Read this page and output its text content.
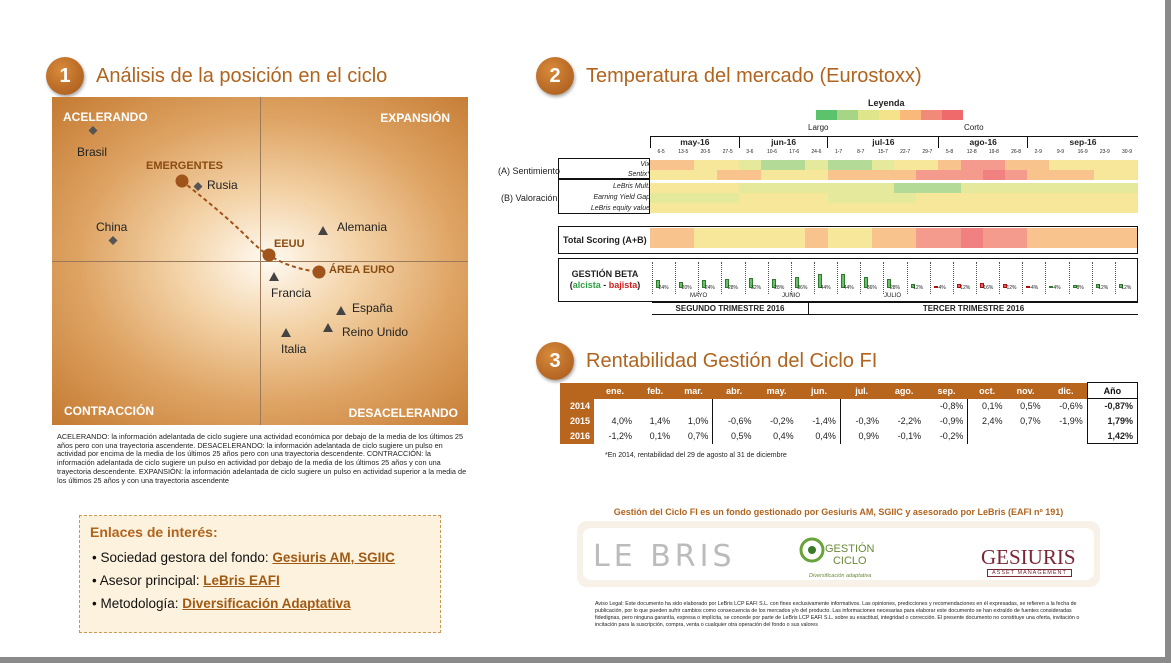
1	Análisis de la posición en el ciclo
ACELERANDO	EXPANSIÓN
CONTRACCIÓN	DESACELERANDO
Brasil
EMERGENTES
Rusia
China	Alemania
EEUU
ÁREA EURO
Francia
España
Reino Unido
Italia
ACELERANDO: la información adelantada de ciclo sugiere una actividad económica por debajo de la media de los últimos 25 años pero con una trayectoria ascendente. DESACELERANDO: la información adelantada de ciclo sugiere un pulso en actividad por encima de la media de los últimos 25 años pero con una trayectoria descendente. CONTRACCIÓN: la información adelantada de ciclo sugiere un pulso en actividad por debajo de la media de los últimos 25 años y con una trayectoria descendente. EXPANSIÓN: la información adelantada de ciclo sugiere un pulso en actividad superior a la media de los últimos 25 años y con una trayectoria ascendente
Enlaces de interés:
• Sociedad gestora del fondo: Gesiuris AM, SGIIC
• Asesor principal: LeBris EAFI
• Metodología: Diversificación Adaptativa
2	Temperatura del mercado (Eurostoxx)
Leyenda
Largo	Corto
may-16	jun-16	jul-16	ago-16	sep-16
6-5	13-5	20-5	27-5	3-6	10-6	17-6	24-6	1-7	8-7	15-7	22-7	29-7	5-8	12-8	19-8	26-8	2-9	9-9	16-9	23-9	30-9
(A) Sentimiento
(B) Valoración
Vix
Sentix*
LeBris Mult.
Earning Yield Gap
LeBris equity value
Total Scoring (A+B)
GESTIÓN BETA
(alcista - bajista)	24%	20%	24%	28%	32%	28%	36%	44%	44%	36%	28%	12%	-4%	-12%	-16%	-12%	-4%	4%	8%	12%	12%
MAYO	JUNIO	JULIO
SEGUNDO TRIMESTRE 2016	TERCER TRIMESTRE 2016
3	Rentabilidad Gestión del Ciclo FI
	ene.	feb.	mar.	abr.	may.	jun.	jul.	ago.	sep.	oct.	nov.	dic.	Año
2014									-0,8%	0,1%	0,5%	-0,6%	-0,87%
2015	4,0%	1,4%	1,0%	-0,6%	-0,2%	-1,4%	-0,3%	-2,2%	-0,9%	2,4%	0,7%	-1,9%	1,79%
2016	-1,2%	0,1%	0,7%	0,5%	0,4%	0,4%	0,9%	-0,1%	-0,2%				1,42%
*En 2014, rentabilidad del 29 de agosto al 31 de diciembre
Gestión del Ciclo FI es un fondo gestionado por Gesiuris AM, SGIIC y asesorado por LeBris (EAFI nº 191)
LE BRIS	GESTIÓN
CICLO
Diversificación adaptativa
GESIURIS
ASSET MANAGEMENT
Aviso Legal: Este documento ha sido elaborado por LeBris LCP EAFI S.L. con fines exclusivamente informativos. Las opiniones, predicciones y recomendaciones en él expresadas, se refieren a la fecha de publicación, por lo que pueden sufrir cambios como consecuencia de los mercados y/o del producto. Las informaciones necesarias para elaborar este documento se han extraído de fuentes consideradas fidedignas, pero ninguna garantía, expresa o implícita, se concede por parte de LeBris LCP EAFI S.L. sobre su exactitud, integridad o corrección. El presente documento no constituye una oferta, invitación o incitación para la suscripción, compra, venta o cualquier otra operación del fondo o sus valores
